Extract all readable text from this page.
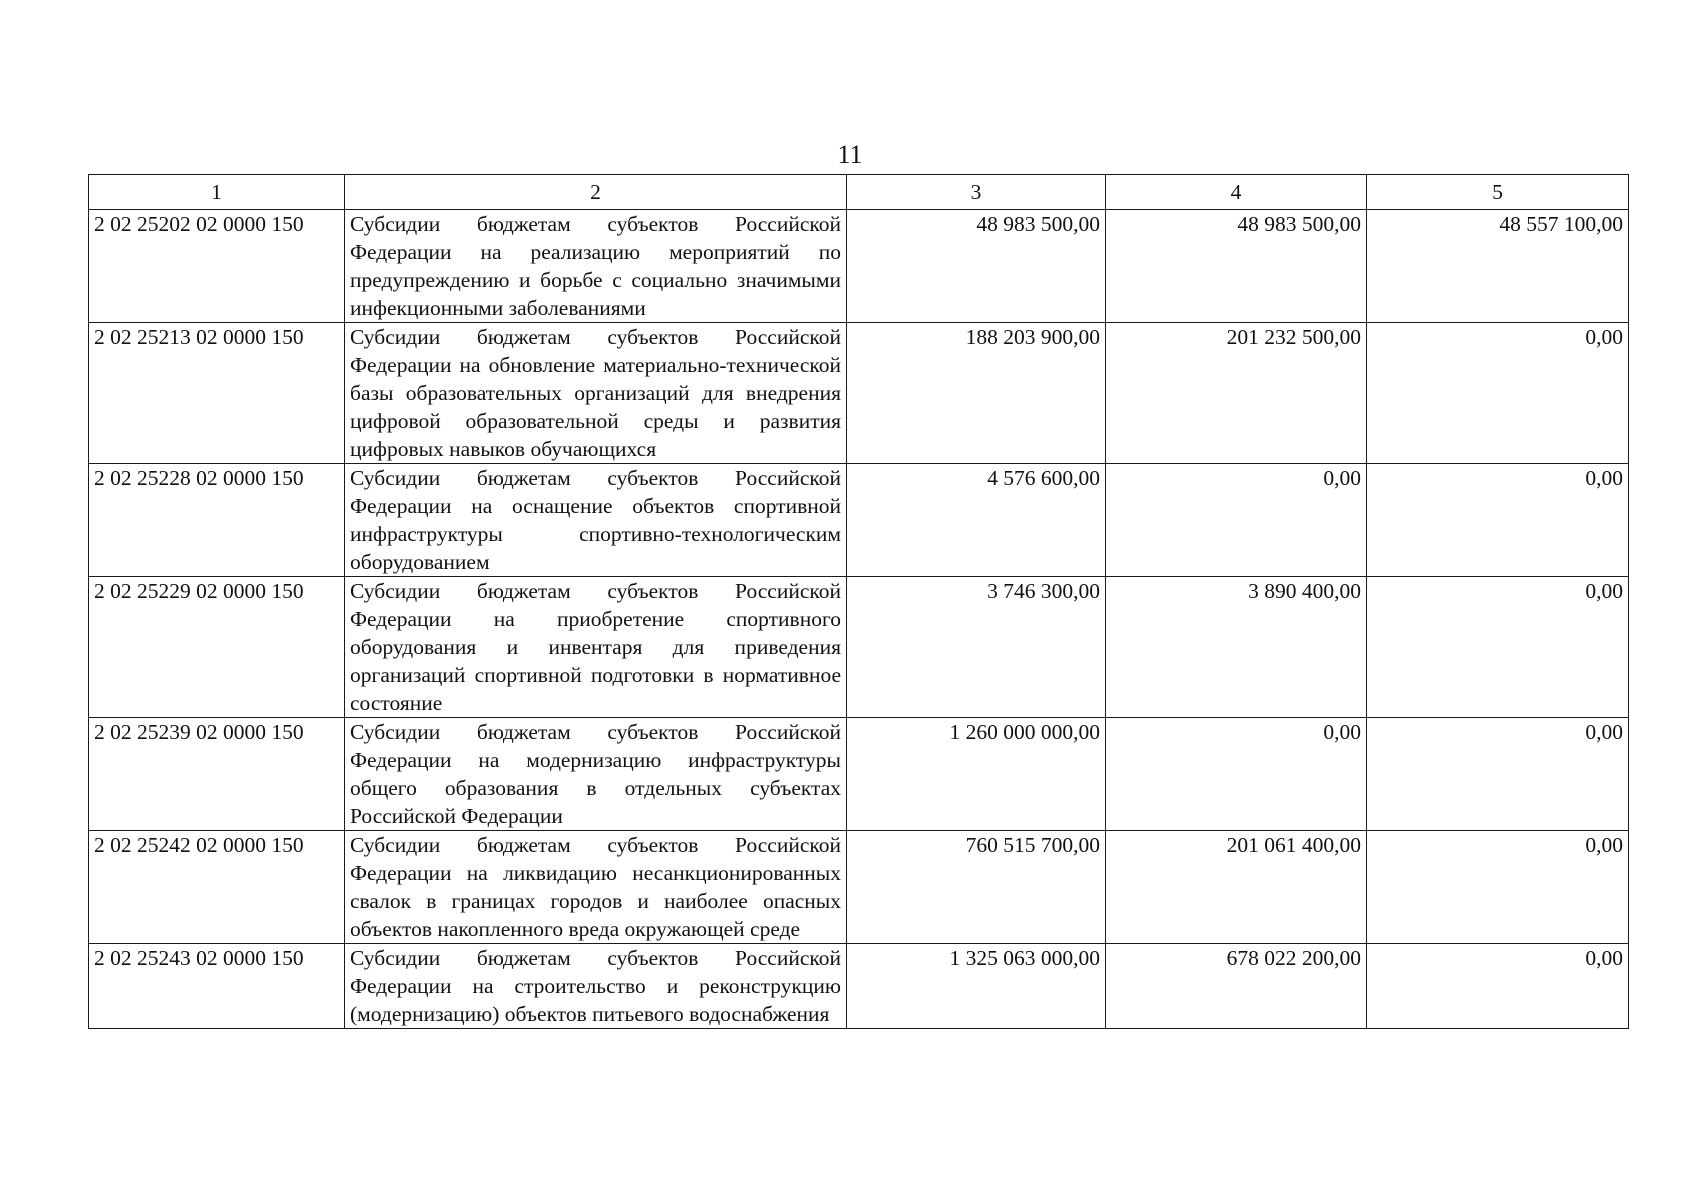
11
1	2	3	4	5
2 02 25202 02 0000 150	Субсидии бюджетам субъектов Российской Федерации на реализацию мероприятий по предупреждению и борьбе с социально значимыми инфекционными заболеваниями	48 983 500,00	48 983 500,00	48 557 100,00
2 02 25213 02 0000 150	Субсидии бюджетам субъектов Российской Федерации на обновление материально-технической базы образовательных организаций для внедрения цифровой образовательной среды и развития цифровых навыков обучающихся	188 203 900,00	201 232 500,00	0,00
2 02 25228 02 0000 150	Субсидии бюджетам субъектов Российской Федерации на оснащение объектов спортивной инфраструктуры спортивно-технологическим оборудованием	4 576 600,00	0,00	0,00
2 02 25229 02 0000 150	Субсидии бюджетам субъектов Российской Федерации на приобретение спортивного оборудования и инвентаря для приведения организаций спортивной подготовки в нормативное состояние	3 746 300,00	3 890 400,00	0,00
2 02 25239 02 0000 150	Субсидии бюджетам субъектов Российской Федерации на модернизацию инфраструктуры общего образования в отдельных субъектах Российской Федерации	1 260 000 000,00	0,00	0,00
2 02 25242 02 0000 150	Субсидии бюджетам субъектов Российской Федерации на ликвидацию несанкционированных свалок в границах городов и наиболее опасных объектов накопленного вреда окружающей среде	760 515 700,00	201 061 400,00	0,00
2 02 25243 02 0000 150	Субсидии бюджетам субъектов Российской Федерации на строительство и реконструкцию (модернизацию) объектов питьевого водоснабжения	1 325 063 000,00	678 022 200,00	0,00
